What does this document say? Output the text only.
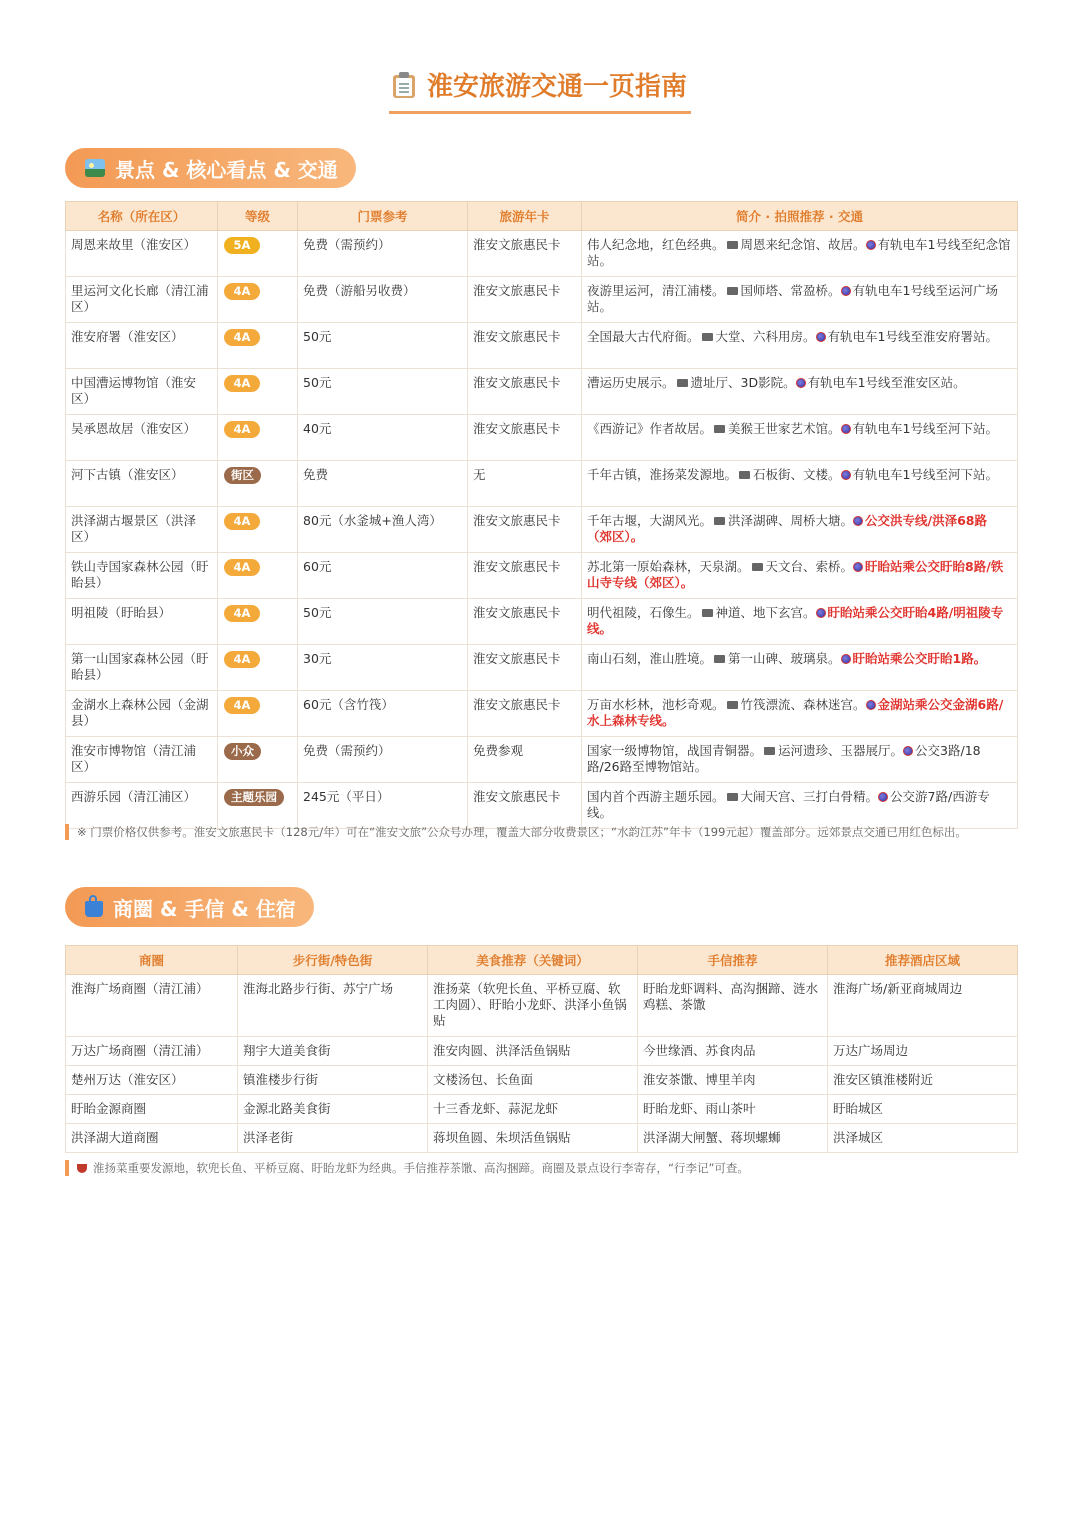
淮安旅游交通一页指南
景点 & 核心看点 & 交通
名称（所在区）	等级	门票参考	旅游年卡	简介 · 拍照推荐 · 交通
周恩来故里（淮安区）	5A	免费（需预约）	淮安文旅惠民卡	伟人纪念地，红色经典。 周恩来纪念馆、故居。 有轨电车1号线至纪念馆站。
里运河文化长廊（清江浦区）	4A	免费（游船另收费）	淮安文旅惠民卡	夜游里运河，清江浦楼。 国师塔、常盈桥。 有轨电车1号线至运河广场站。
淮安府署（淮安区）	4A	50元	淮安文旅惠民卡	全国最大古代府衙。 大堂、六科用房。 有轨电车1号线至淮安府署站。
中国漕运博物馆（淮安区）	4A	50元	淮安文旅惠民卡	漕运历史展示。 遗址厅、3D影院。 有轨电车1号线至淮安区站。
吴承恩故居（淮安区）	4A	40元	淮安文旅惠民卡	《西游记》作者故居。 美猴王世家艺术馆。 有轨电车1号线至河下站。
河下古镇（淮安区）	街区	免费	无	千年古镇，淮扬菜发源地。 石板街、文楼。 有轨电车1号线至河下站。
洪泽湖古堰景区（洪泽区）	4A	80元（水釜城+渔人湾）	淮安文旅惠民卡	千年古堰，大湖风光。 洪泽湖碑、周桥大塘。 公交洪专线/洪泽68路（郊区）。
铁山寺国家森林公园（盱眙县）	4A	60元	淮安文旅惠民卡	苏北第一原始森林，天泉湖。 天文台、索桥。 盱眙站乘公交盱眙8路/铁山寺专线（郊区）。
明祖陵（盱眙县）	4A	50元	淮安文旅惠民卡	明代祖陵，石像生。 神道、地下玄宫。 盱眙站乘公交盱眙4路/明祖陵专线。
第一山国家森林公园（盱眙县）	4A	30元	淮安文旅惠民卡	南山石刻，淮山胜境。 第一山碑、玻璃泉。 盱眙站乘公交盱眙1路。
金湖水上森林公园（金湖县）	4A	60元（含竹筏）	淮安文旅惠民卡	万亩水杉林，池杉奇观。 竹筏漂流、森林迷宫。 金湖站乘公交金湖6路/水上森林专线。
淮安市博物馆（清江浦区）	小众	免费（需预约）	免费参观	国家一级博物馆，战国青铜器。 运河遗珍、玉器展厅。 公交3路/18路/26路至博物馆站。
西游乐园（清江浦区）	主题乐园	245元（平日）	淮安文旅惠民卡	国内首个西游主题乐园。 大闹天宫、三打白骨精。 公交游7路/西游专线。
※ 门票价格仅供参考。淮安文旅惠民卡（128元/年）可在“淮安文旅”公众号办理，覆盖大部分收费景区；“水韵江苏”年卡（199元起）覆盖部分。远郊景点交通已用红色标出。
商圈 & 手信 & 住宿
商圈	步行街/特色街	美食推荐（关键词）	手信推荐	推荐酒店区域
淮海广场商圈（清江浦）	淮海北路步行街、苏宁广场	淮扬菜（软兜长鱼、平桥豆腐、软工肉圆）、盱眙小龙虾、洪泽小鱼锅贴	盱眙龙虾调料、高沟捆蹄、涟水鸡糕、茶馓	淮海广场/新亚商城周边
万达广场商圈（清江浦）	翔宇大道美食街	淮安肉圆、洪泽活鱼锅贴	今世缘酒、苏食肉品	万达广场周边
楚州万达（淮安区）	镇淮楼步行街	文楼汤包、长鱼面	淮安茶馓、博里羊肉	淮安区镇淮楼附近
盱眙金源商圈	金源北路美食街	十三香龙虾、蒜泥龙虾	盱眙龙虾、雨山茶叶	盱眙城区
洪泽湖大道商圈	洪泽老街	蒋坝鱼圆、朱坝活鱼锅贴	洪泽湖大闸蟹、蒋坝螺蛳	洪泽城区
淮扬菜重要发源地，软兜长鱼、平桥豆腐、盱眙龙虾为经典。手信推荐茶馓、高沟捆蹄。商圈及景点设行李寄存，“行李记”可查。
